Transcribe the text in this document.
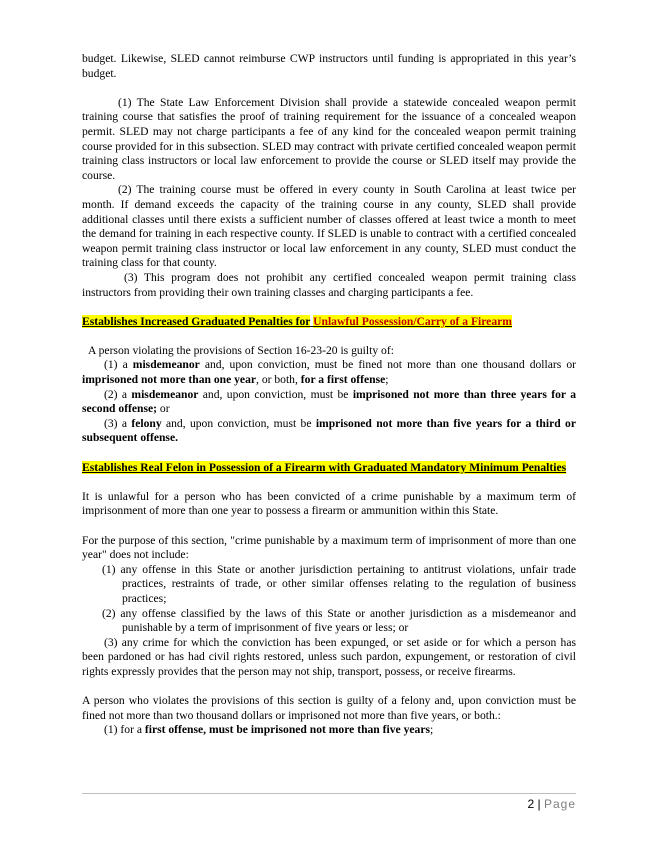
budget. Likewise, SLED cannot reimburse CWP instructors until funding is appropriated in this year’s budget.

(1) The State Law Enforcement Division shall provide a statewide concealed weapon permit training course that satisfies the proof of training requirement for the issuance of a concealed weapon permit. SLED may not charge participants a fee of any kind for the concealed weapon permit training course provided for in this subsection. SLED may contract with private certified concealed weapon permit training class instructors or local law enforcement to provide the course or SLED itself may provide the course.

(2) The training course must be offered in every county in South Carolina at least twice per month. If demand exceeds the capacity of the training course in any county, SLED shall provide additional classes until there exists a sufficient number of classes offered at least twice a month to meet the demand for training in each respective county. If SLED is unable to contract with a certified concealed weapon permit training class instructor or local law enforcement in any county, SLED must conduct the training class for that county.

(3) This program does not prohibit any certified concealed weapon permit training class instructors from providing their own training classes and charging participants a fee.

Establishes Increased Graduated Penalties for Unlawful Possession/Carry of a Firearm

A person violating the provisions of Section 16-23-20 is guilty of:

(1) a misdemeanor and, upon conviction, must be fined not more than one thousand dollars or imprisoned not more than one year, or both, for a first offense;

(2) a misdemeanor and, upon conviction, must be imprisoned not more than three years for a second offense; or

(3) a felony and, upon conviction, must be imprisoned not more than five years for a third or subsequent offense.

Establishes Real Felon in Possession of a Firearm with Graduated Mandatory Minimum Penalties

It is unlawful for a person who has been convicted of a crime punishable by a maximum term of imprisonment of more than one year to possess a firearm or ammunition within this State.

For the purpose of this section, "crime punishable by a maximum term of imprisonment of more than one year" does not include:

(1) any offense in this State or another jurisdiction pertaining to antitrust violations, unfair trade practices, restraints of trade, or other similar offenses relating to the regulation of business practices;

(2) any offense classified by the laws of this State or another jurisdiction as a misdemeanor and punishable by a term of imprisonment of five years or less; or

(3) any crime for which the conviction has been expunged, or set aside or for which a person has been pardoned or has had civil rights restored, unless such pardon, expungement, or restoration of civil rights expressly provides that the person may not ship, transport, possess, or receive firearms.

A person who violates the provisions of this section is guilty of a felony and, upon conviction must be fined not more than two thousand dollars or imprisoned not more than five years, or both.:

(1) for a first offense, must be imprisoned not more than five years;

2 | Page
